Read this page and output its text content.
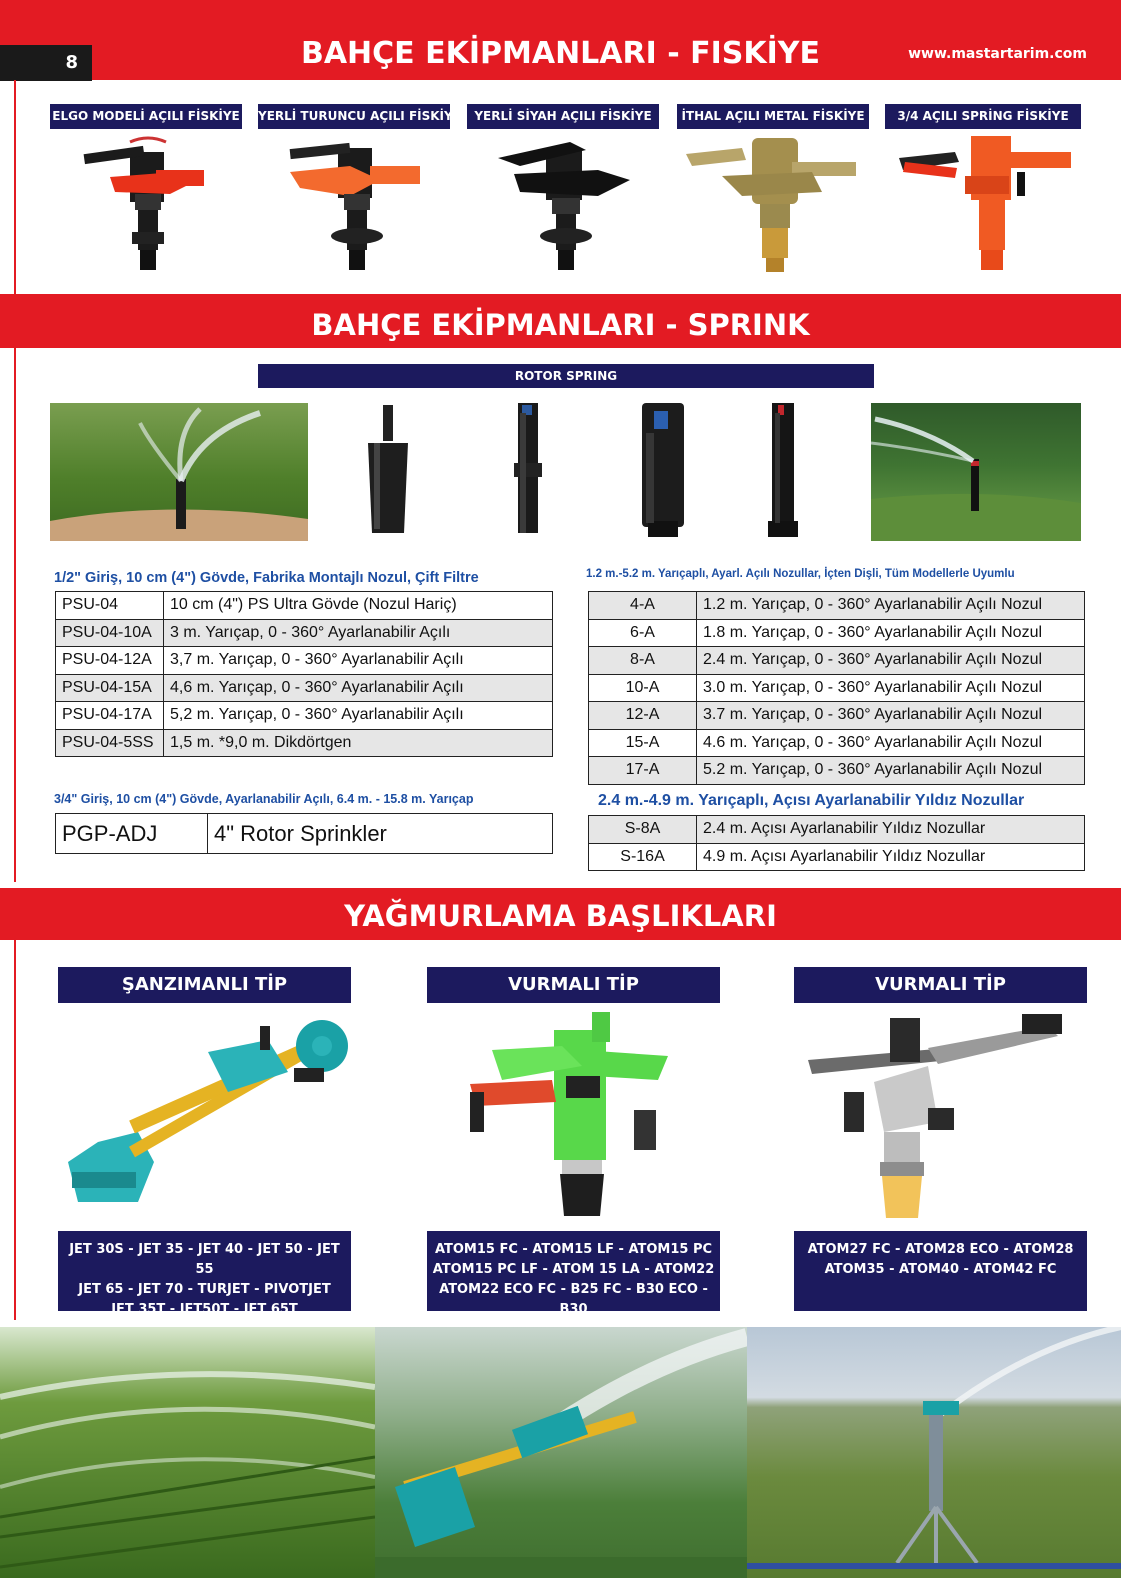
BAHÇE EKİPMANLARI - FISKİYE	www.mastartarim.com
8
ELGO MODELİ AÇILI FİSKİYE YERLİ TURUNCU AÇILI FİSKİYE	YERLİ SİYAH AÇILI FİSKİYE	İTHAL AÇILI METAL FİSKİYE	3/4 AÇILI SPRİNG FİSKİYE
BAHÇE EKİPMANLARI - SPRINK
ROTOR SPRING
1/2" Giriş, 10 cm (4") Gövde, Fabrika Montajlı Nozul, Çift Filtre
PSU-04	10 cm (4") PS Ultra Gövde (Nozul Hariç)
PSU-04-10A	3 m. Yarıçap, 0 - 360° Ayarlanabilir Açılı
PSU-04-12A	3,7 m. Yarıçap, 0 - 360° Ayarlanabilir Açılı
PSU-04-15A	4,6 m. Yarıçap, 0 - 360° Ayarlanabilir Açılı
PSU-04-17A	5,2 m. Yarıçap, 0 - 360° Ayarlanabilir Açılı
PSU-04-5SS	1,5 m. *9,0 m. Dikdörtgen
3/4" Giriş, 10 cm (4") Gövde, Ayarlanabilir Açılı, 6.4 m. - 15.8 m. Yarıçap
PGP-ADJ	4" Rotor Sprinkler
1.2 m.-5.2 m. Yarıçaplı, Ayarl. Açılı Nozullar, İçten Dişli, Tüm Modellerle Uyumlu
4-A	1.2 m. Yarıçap, 0 - 360° Ayarlanabilir Açılı Nozul
6-A	1.8 m. Yarıçap, 0 - 360° Ayarlanabilir Açılı Nozul
8-A	2.4 m. Yarıçap, 0 - 360° Ayarlanabilir Açılı Nozul
10-A	3.0 m. Yarıçap, 0 - 360° Ayarlanabilir Açılı Nozul
12-A	3.7 m. Yarıçap, 0 - 360° Ayarlanabilir Açılı Nozul
15-A	4.6 m. Yarıçap, 0 - 360° Ayarlanabilir Açılı Nozul
17-A	5.2 m. Yarıçap, 0 - 360° Ayarlanabilir Açılı Nozul
2.4 m.-4.9 m. Yarıçaplı, Açısı Ayarlanabilir Yıldız Nozullar
S-8A	2.4 m. Açısı Ayarlanabilir Yıldız Nozullar
S-16A	4.9 m. Açısı Ayarlanabilir Yıldız Nozullar
YAĞMURLAMA BAŞLIKLARI
ŞANZIMANLI TİP	VURMALI TİP	VURMALI TİP
JET 30S - JET 35 - JET 40 - JET 50 - JET 55
JET 65 - JET 70 - TURJET - PIVOTJET
JET 35T - JET50T - JET 65T
ATOM15 FC - ATOM15 LF - ATOM15 PC
ATOM15 PC LF - ATOM 15 LA - ATOM22
ATOM22 ECO FC - B25 FC - B30 ECO - B30
ATOM27 FC - ATOM28 ECO - ATOM28
ATOM35 - ATOM40 - ATOM42 FC
